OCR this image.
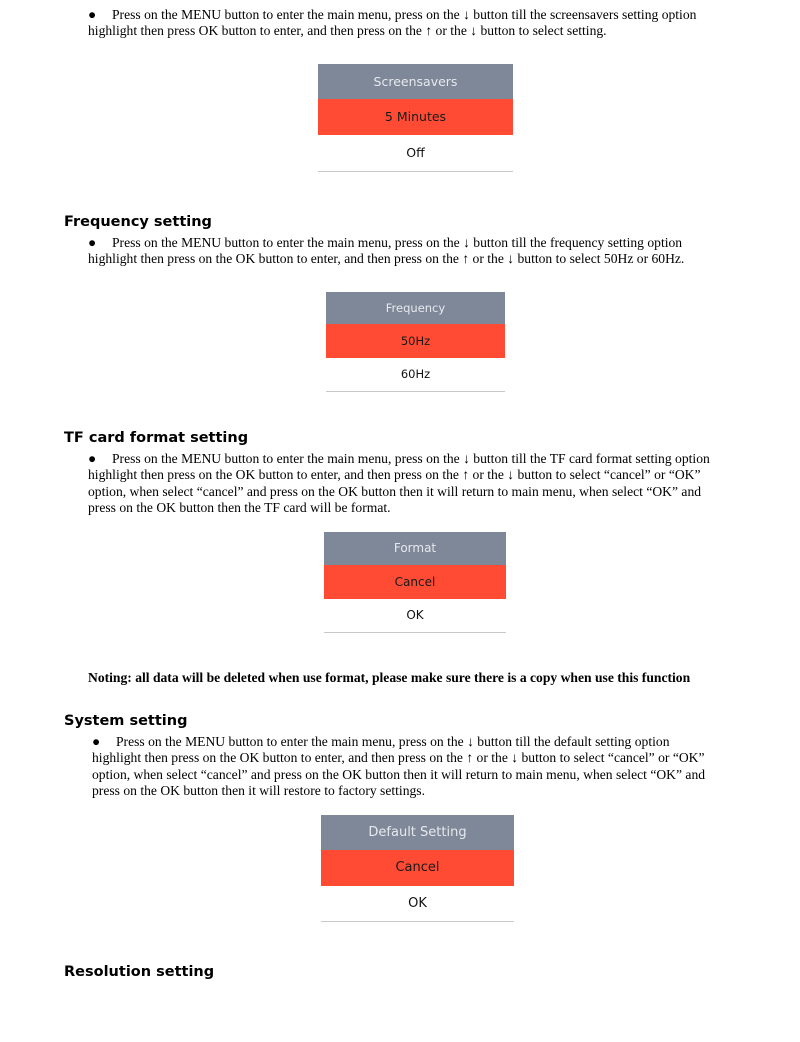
● Press on the MENU button to enter the main menu, press on the ↓ button till the screensavers setting option
highlight then press OK button to enter, and then press on the ↑ or the ↓ button to select setting.
Screensavers
5 Minutes
Off
Frequency setting
● Press on the MENU button to enter the main menu, press on the ↓ button till the frequency setting option
highlight then press on the OK button to enter, and then press on the ↑ or the ↓ button to select 50Hz or 60Hz.
Frequency
50Hz
60Hz
TF card format setting
● Press on the MENU button to enter the main menu, press on the ↓ button till the TF card format setting option
highlight then press on the OK button to enter, and then press on the ↑ or the ↓ button to select “cancel” or “OK”
option, when select “cancel” and press on the OK button then it will return to main menu, when select “OK” and
press on the OK button then the TF card will be format.
Format
Cancel
OK
Noting: all data will be deleted when use format, please make sure there is a copy when use this function
System setting
● Press on the MENU button to enter the main menu, press on the ↓ button till the default setting option
highlight then press on the OK button to enter, and then press on the ↑ or the ↓ button to select “cancel” or “OK”
option, when select “cancel” and press on the OK button then it will return to main menu, when select “OK” and
press on the OK button then it will restore to factory settings.
Default Setting
Cancel
OK
Resolution setting
